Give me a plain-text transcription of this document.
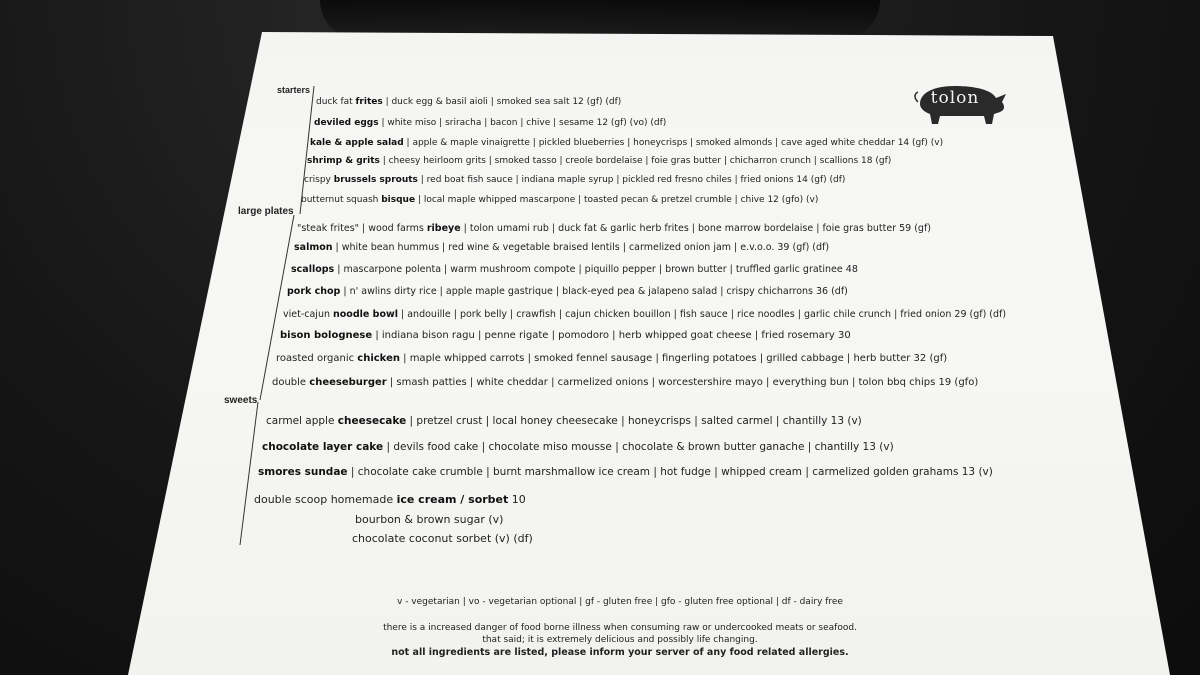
tolon
starters
large plates
sweets
duck fat frites | duck egg & basil aioli | smoked sea salt 12 (gf) (df)
deviled eggs | white miso | sriracha | bacon | chive | sesame 12 (gf) (vo) (df)
kale & apple salad | apple & maple vinaigrette | pickled blueberries | honeycrisps | smoked almonds | cave aged white cheddar 14 (gf) (v)
shrimp & grits | cheesy heirloom grits | smoked tasso | creole bordelaise | foie gras butter | chicharron crunch | scallions 18 (gf)
crispy brussels sprouts | red boat fish sauce | indiana maple syrup | pickled red fresno chiles | fried onions 14 (gf) (df)
butternut squash bisque | local maple whipped mascarpone | toasted pecan & pretzel crumble | chive 12 (gfo) (v)
"steak frites" | wood farms ribeye | tolon umami rub | duck fat & garlic herb frites | bone marrow bordelaise | foie gras butter 59 (gf)
salmon | white bean hummus | red wine & vegetable braised lentils | carmelized onion jam | e.v.o.o. 39 (gf) (df)
scallops | mascarpone polenta | warm mushroom compote | piquillo pepper | brown butter | truffled garlic gratinee 48
pork chop | n' awlins dirty rice | apple maple gastrique | black-eyed pea & jalapeno salad | crispy chicharrons 36 (df)
viet-cajun noodle bowl | andouille | pork belly | crawfish | cajun chicken bouillon | fish sauce | rice noodles | garlic chile crunch | fried onion 29 (gf) (df)
bison bolognese | indiana bison ragu | penne rigate | pomodoro | herb whipped goat cheese | fried rosemary 30
roasted organic chicken | maple whipped carrots | smoked fennel sausage | fingerling potatoes | grilled cabbage | herb butter 32 (gf)
double cheeseburger | smash patties | white cheddar | carmelized onions | worcestershire mayo | everything bun | tolon bbq chips 19 (gfo)
carmel apple cheesecake | pretzel crust | local honey cheesecake | honeycrisps | salted carmel | chantilly 13 (v)
chocolate layer cake | devils food cake | chocolate miso mousse | chocolate & brown butter ganache | chantilly 13 (v)
smores sundae | chocolate cake crumble | burnt marshmallow ice cream | hot fudge | whipped cream | carmelized golden grahams 13 (v)
double scoop homemade ice cream / sorbet 10
bourbon & brown sugar (v)
chocolate coconut sorbet (v) (df)
v - vegetarian | vo - vegetarian optional | gf - gluten free | gfo - gluten free optional | df - dairy free
there is a increased danger of food borne illness when consuming raw or undercooked meats or seafood.
that said; it is extremely delicious and possibly life changing.
not all ingredients are listed, please inform your server of any food related allergies.
